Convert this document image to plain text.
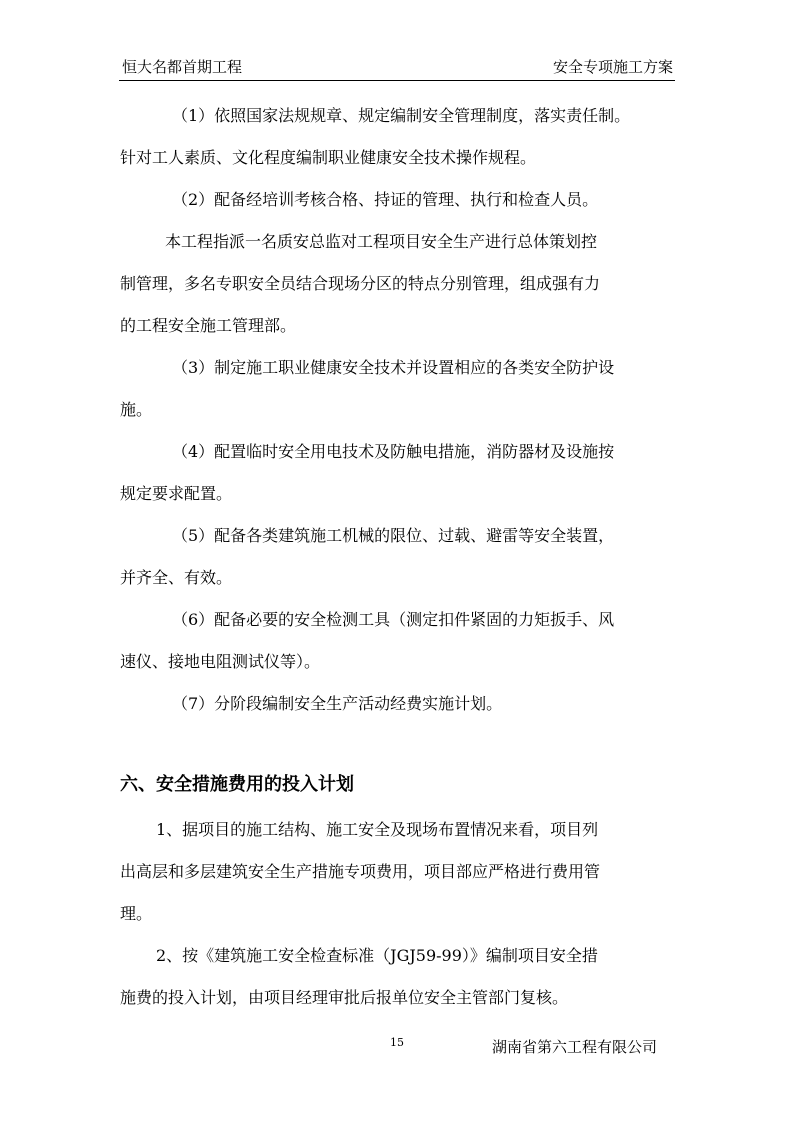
恒大名都首期工程	安全专项施工方案
（1）依照国家法规规章、规定编制安全管理制度，落实责任制。
针对工人素质、文化程度编制职业健康安全技术操作规程。
（2）配备经培训考核合格、持证的管理、执行和检查人员。
本工程指派一名质安总监对工程项目安全生产进行总体策划控
制管理，多名专职安全员结合现场分区的特点分别管理，组成强有力
的工程安全施工管理部。
（3）制定施工职业健康安全技术并设置相应的各类安全防护设
施。
（4）配置临时安全用电技术及防触电措施，消防器材及设施按
规定要求配置。
（5）配备各类建筑施工机械的限位、过载、避雷等安全装置，
并齐全、有效。
（6）配备必要的安全检测工具（测定扣件紧固的力矩扳手、风
速仪、接地电阻测试仪等）。
（7）分阶段编制安全生产活动经费实施计划。
六、安全措施费用的投入计划
1、据项目的施工结构、施工安全及现场布置情况来看，项目列
出高层和多层建筑安全生产措施专项费用，项目部应严格进行费用管
理。
2、按《建筑施工安全检查标准（JGJ59-99）》编制项目安全措
施费的投入计划，由项目经理审批后报单位安全主管部门复核。
15	湖南省第六工程有限公司
